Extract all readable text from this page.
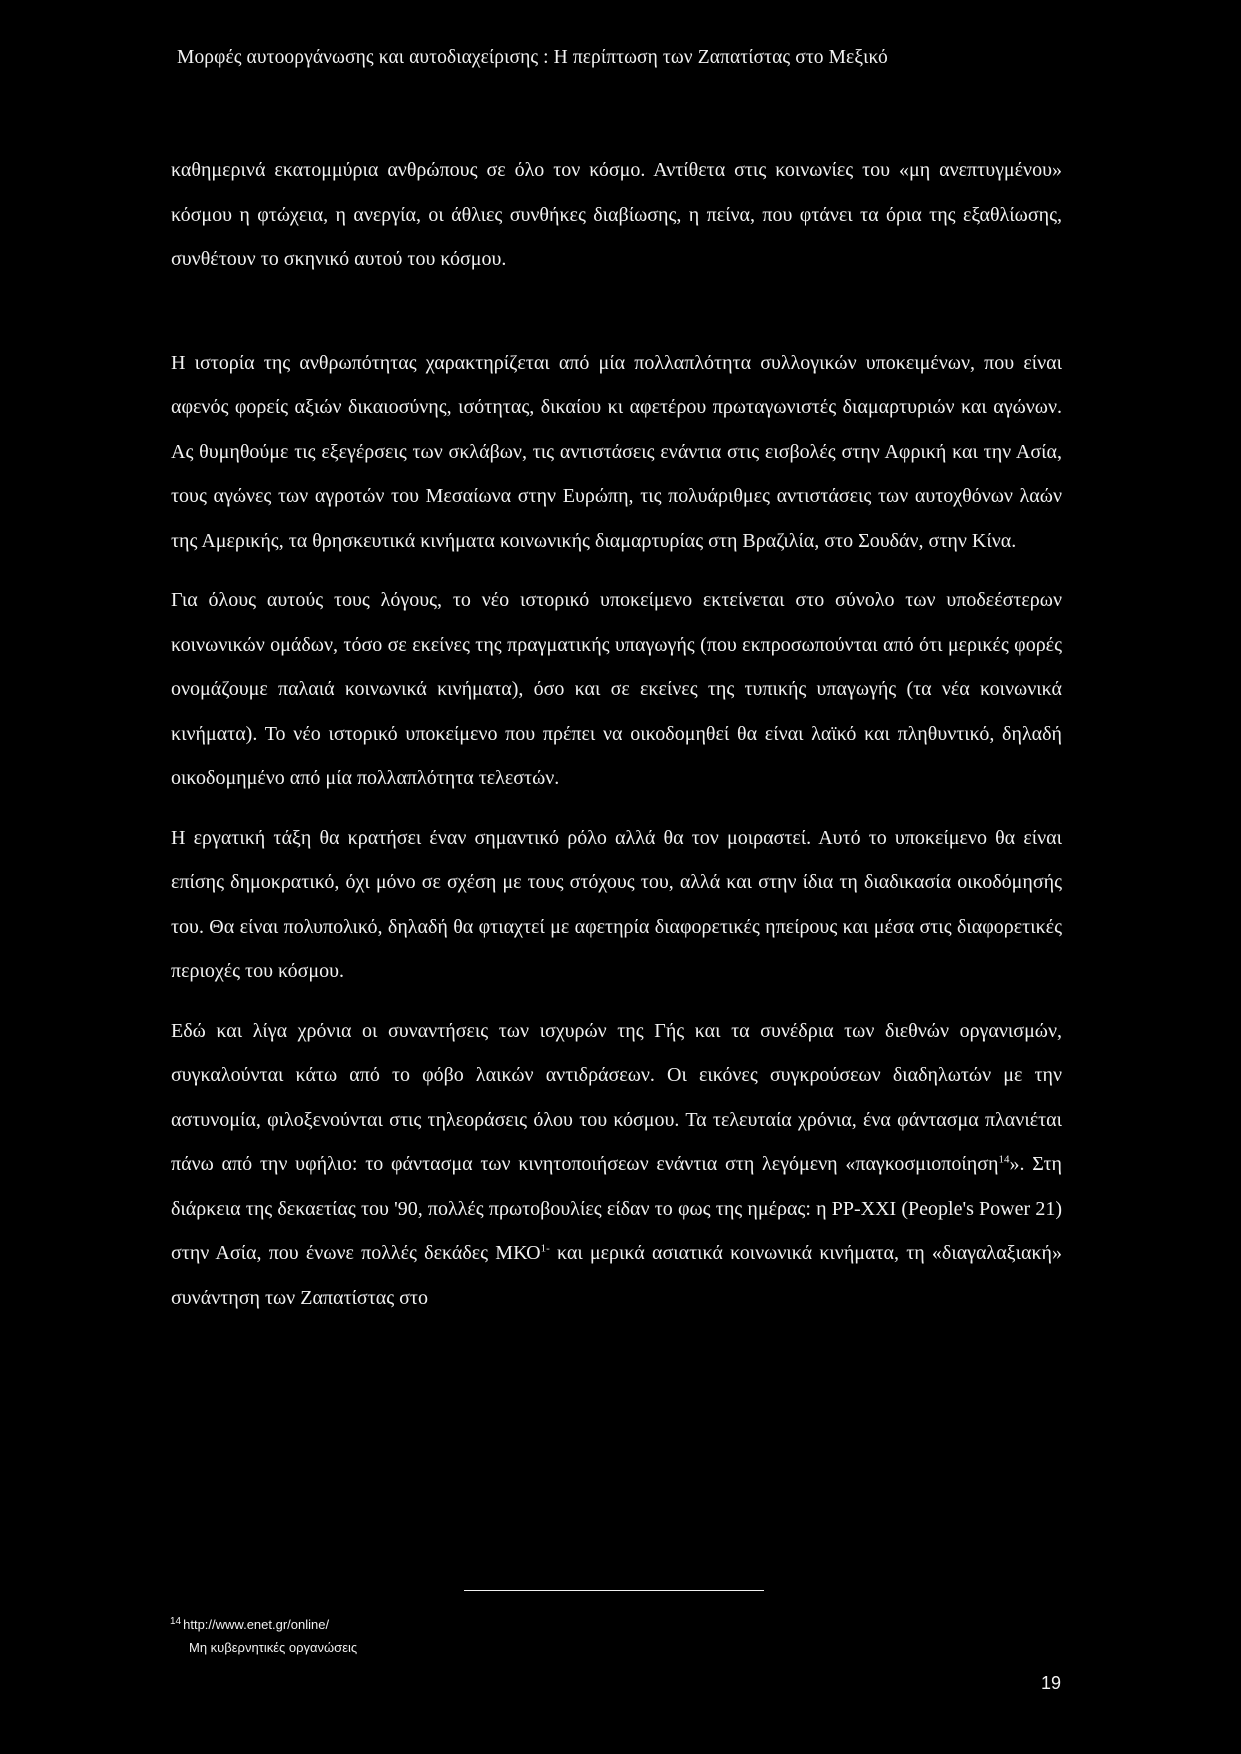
Μορφές αυτοοργάνωσης και αυτοδιαχείρισης : Η περίπτωση των Ζαπατίστας στο Μεξικό

καθημερινά εκατομμύρια ανθρώπους σε όλο τον κόσμο. Αντίθετα στις κοινωνίες του «μη ανεπτυγμένου» κόσμου η φτώχεια, η ανεργία, οι άθλιες συνθήκες διαβίωσης, η πείνα, που φτάνει τα όρια της εξαθλίωσης, συνθέτουν το σκηνικό αυτού του κόσμου.

Η ιστορία της ανθρωπότητας χαρακτηρίζεται από μία πολλαπλότητα συλλογικών υποκειμένων, που είναι αφενός φορείς αξιών δικαιοσύνης, ισότητας, δικαίου κι αφετέρου πρωταγωνιστές διαμαρτυριών και αγώνων. Ας θυμηθούμε τις εξεγέρσεις των σκλάβων, τις αντιστάσεις ενάντια στις εισβολές στην Αφρική και την Ασία, τους αγώνες των αγροτών του Μεσαίωνα στην Ευρώπη, τις πολυάριθμες αντιστάσεις των αυτοχθόνων λαών της Αμερικής, τα θρησκευτικά κινήματα κοινωνικής διαμαρτυρίας στη Βραζιλία, στο Σουδάν, στην Κίνα.

Για όλους αυτούς τους λόγους, το νέο ιστορικό υποκείμενο εκτείνεται στο σύνολο των υποδεέστερων κοινωνικών ομάδων, τόσο σε εκείνες της πραγματικής υπαγωγής (που εκπροσωπούνται από ότι μερικές φορές ονομάζουμε παλαιά κοινωνικά κινήματα), όσο και σε εκείνες της τυπικής υπαγωγής (τα νέα κοινωνικά κινήματα). Το νέο ιστορικό υποκείμενο που πρέπει να οικοδομηθεί θα είναι λαϊκό και πληθυντικό, δηλαδή οικοδομημένο από μία πολλαπλότητα τελεστών.

Η εργατική τάξη θα κρατήσει έναν σημαντικό ρόλο αλλά θα τον μοιραστεί. Αυτό το υποκείμενο θα είναι επίσης δημοκρατικό, όχι μόνο σε σχέση με τους στόχους του, αλλά και στην ίδια τη διαδικασία οικοδόμησής του. Θα είναι πολυπολικό, δηλαδή θα φτιαχτεί με αφετηρία διαφορετικές ηπείρους και μέσα στις διαφορετικές περιοχές του κόσμου.

Εδώ και λίγα χρόνια οι συναντήσεις των ισχυρών της Γής και τα συνέδρια των διεθνών οργανισμών, συγκαλούνται κάτω από το φόβο λαικών αντιδράσεων. Οι εικόνες συγκρούσεων διαδηλωτών με την αστυνομία, φιλοξενούνται στις τηλεοράσεις όλου του κόσμου. Τα τελευταία χρόνια, ένα φάντασμα πλανιέται πάνω από την υφήλιο: το φάντασμα των κινητοποιήσεων ενάντια στη λεγόμενη «παγκοσμιοποίηση$^{14}$». Στη διάρκεια της δεκαετίας του '90, πολλές πρωτοβουλίες είδαν το φως της ημέρας: η PP-XXI (People's Power 21) στην Ασία, που ένωνε πολλές δεκάδες ΜΚΟ$^{1-}$ και μερικά ασιατικά κοινωνικά κινήματα, τη «διαγαλαξιακή» συνάντηση των Ζαπατίστας στο

$^{14}$ http://www.enet.gr/online/

Μη κυβερνητικές οργανώσεις

19
